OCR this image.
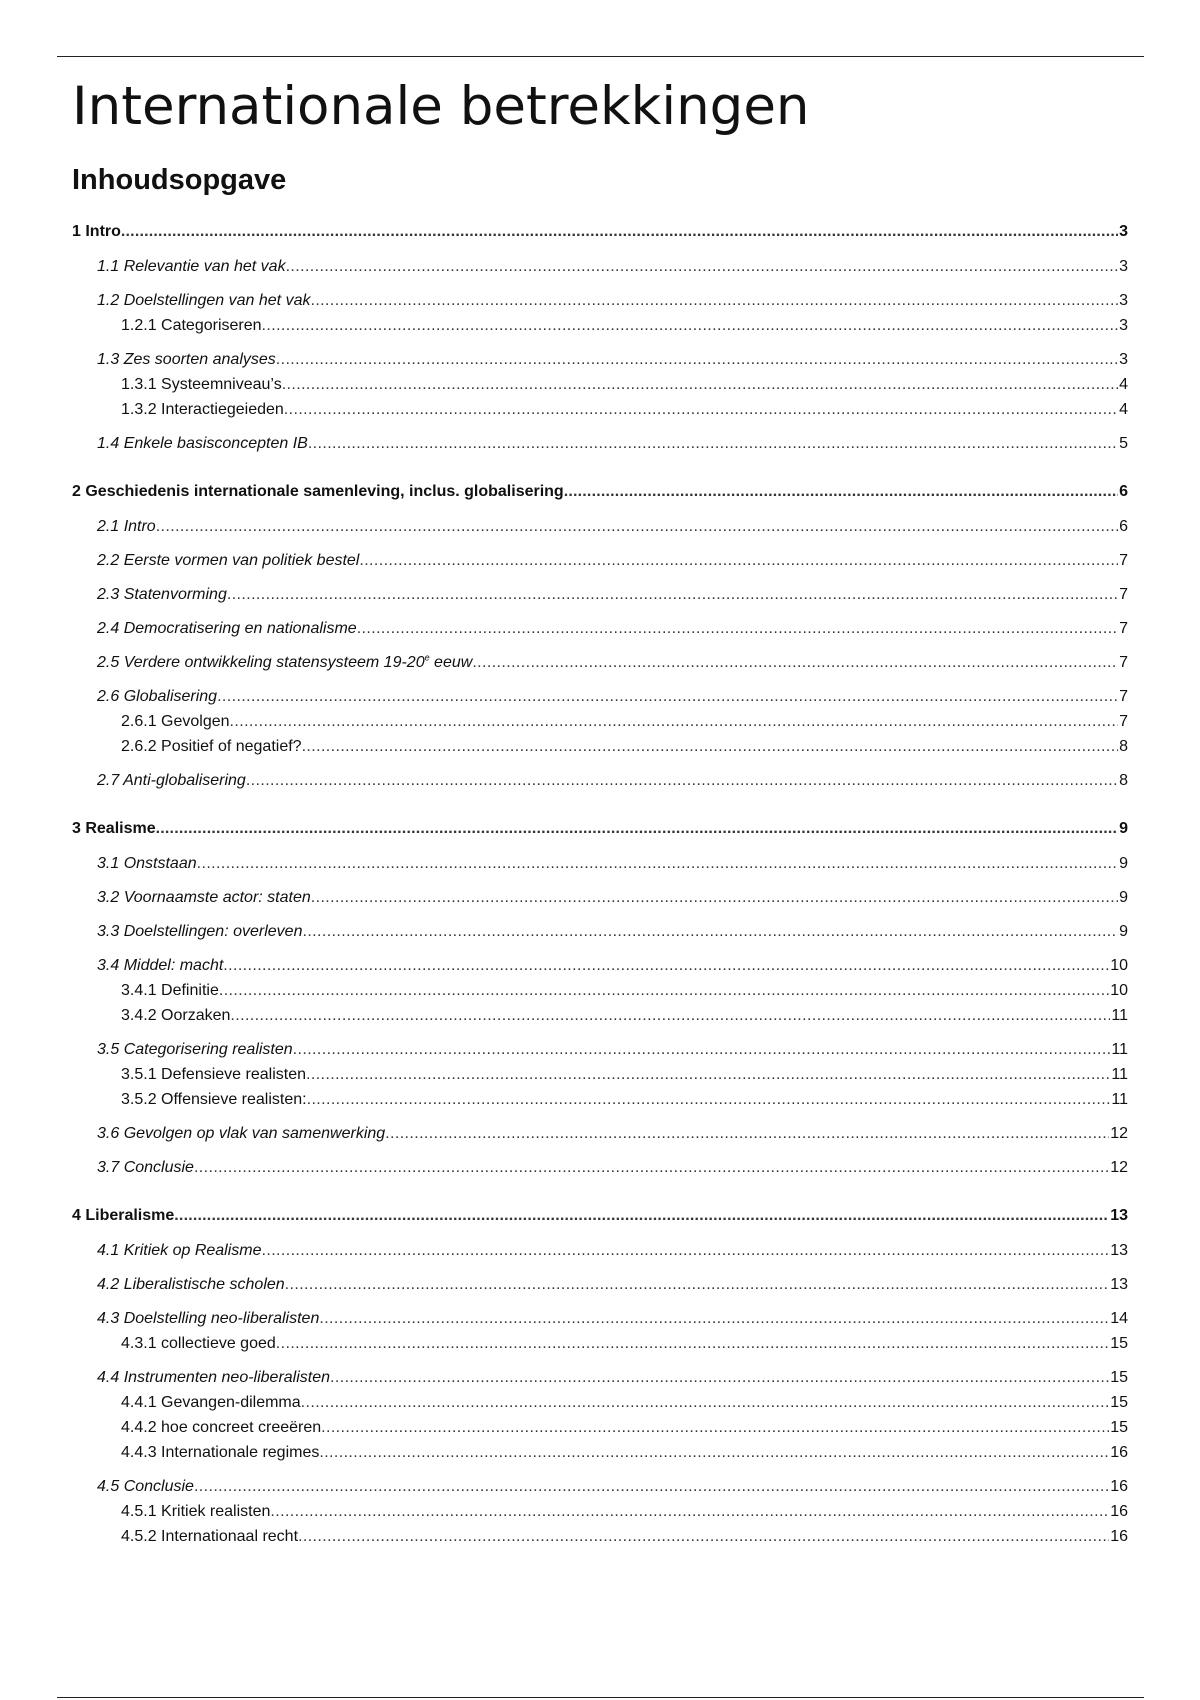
Internationale betrekkingen
Inhoudsopgave
1 Intro .....	3
1.1 Relevantie van het vak .....	3
1.2 Doelstellingen van het vak .....	3
1.2.1 Categoriseren .....	3
1.3 Zes soorten analyses .....	3
1.3.1 Systeemniveau’s .....	4
1.3.2 Interactiegeieden .....	4
1.4 Enkele basisconcepten IB .....	5
2 Geschiedenis internationale samenleving, inclus. globalisering .....	6
2.1 Intro .....	6
2.2 Eerste vormen van politiek bestel .....	7
2.3 Statenvorming .....	7
2.4 Democratisering en nationalisme .....	7
2.5 Verdere ontwikkeling statensysteem 19-20e eeuw .....	7
2.6 Globalisering .....	7
2.6.1 Gevolgen .....	7
2.6.2 Positief of negatief? .....	8
2.7 Anti-globalisering .....	8
3 Realisme .....	9
3.1 Onststaan .....	9
3.2 Voornaamste actor: staten .....	9
3.3 Doelstellingen: overleven .....	9
3.4 Middel: macht .....	10
3.4.1 Definitie .....	10
3.4.2 Oorzaken .....	11
3.5 Categorisering realisten .....	11
3.5.1 Defensieve realisten .....	11
3.5.2 Offensieve realisten: .....	11
3.6 Gevolgen op vlak van samenwerking .....	12
3.7 Conclusie .....	12
4 Liberalisme .....	13
4.1 Kritiek op Realisme .....	13
4.2 Liberalistische scholen .....	13
4.3 Doelstelling neo-liberalisten .....	14
4.3.1 collectieve goed .....	15
4.4 Instrumenten neo-liberalisten .....	15
4.4.1 Gevangen-dilemma .....	15
4.4.2 hoe concreet creeëren .....	15
4.4.3 Internationale regimes .....	16
4.5 Conclusie .....	16
4.5.1 Kritiek realisten .....	16
4.5.2 Internationaal recht .....	16
